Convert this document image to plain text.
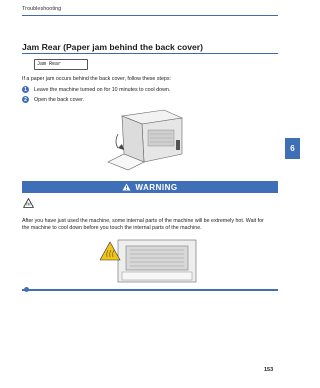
Troubleshooting
6
Jam Rear (Paper jam behind the back cover)
Jam Rear
If a paper jam occurs behind the back cover, follow these steps:
1	Leave the machine turned on for 10 minutes to cool down.
2	Open the back cover.
WARNING
After you have just used the machine, some internal parts of the machine will be extremely hot. Wait for the machine to cool down before you touch the internal parts of the machine.
153
